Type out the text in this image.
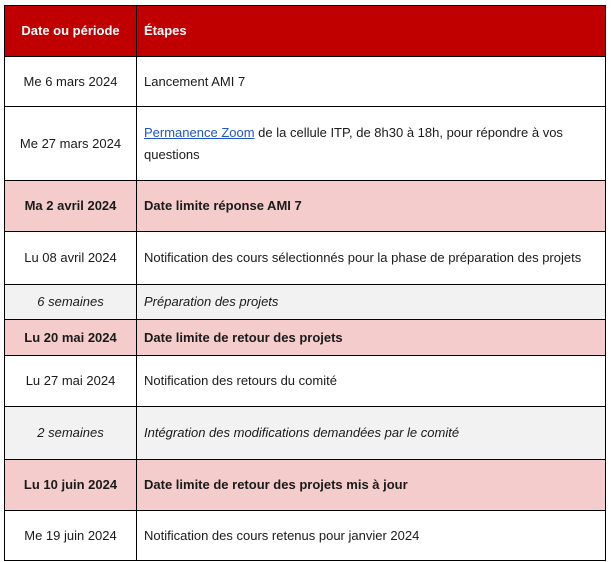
Date ou période	Étapes
Me 6 mars 2024	Lancement AMI 7
Me 27 mars 2024	Permanence Zoom de la cellule ITP, de 8h30 à 18h, pour répondre à vos questions
Ma 2 avril 2024	Date limite réponse AMI 7
Lu 08 avril 2024	Notification des cours sélectionnés pour la phase de préparation des projets
6 semaines	Préparation des projets
Lu 20 mai 2024	Date limite de retour des projets
Lu 27 mai 2024	Notification des retours du comité
2 semaines	Intégration des modifications demandées par le comité
Lu 10 juin 2024	Date limite de retour des projets mis à jour
Me 19 juin 2024	Notification des cours retenus pour janvier 2024
